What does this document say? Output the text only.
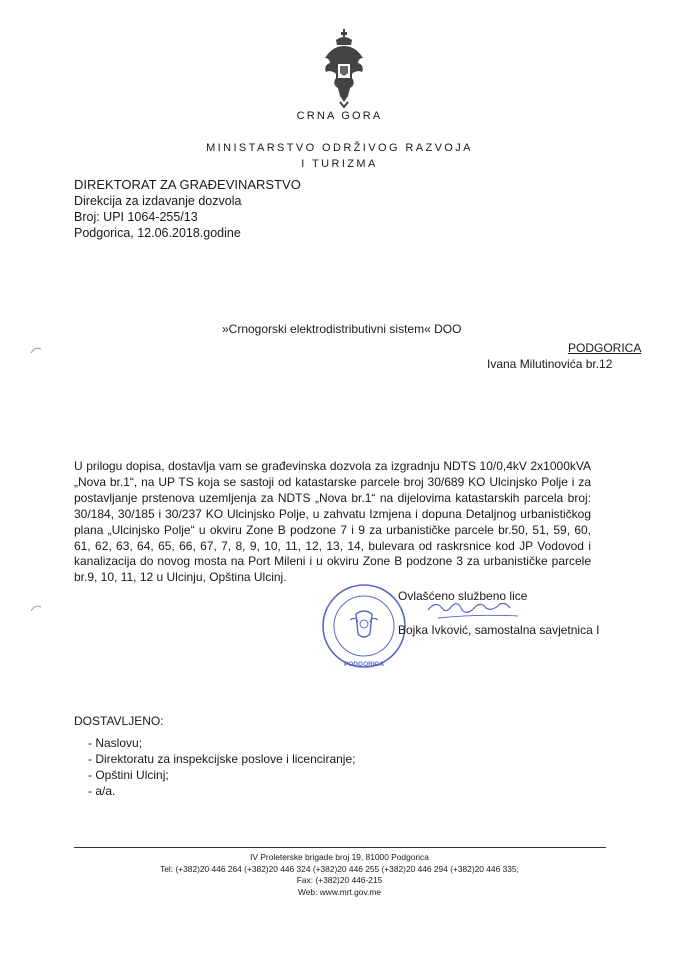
CRNA GORA
MINISTARSTVO ODRŽIVOG RAZVOJA
I TURIZMA
DIREKTORAT ZA GRAĐEVINARSTVO
Direkcija za izdavanje dozvola
Broj: UPI 1064-255/13
Podgorica, 12.06.2018.godine
»Crnogorski elektrodistributivni sistem« DOO
PODGORICA
Ivana Milutinovića br.12
U prilogu dopisa, dostavlja vam se građevinska dozvola za izgradnju NDTS 10/0,4kV 2x1000kVA „Nova br.1“, na UP TS koja se sastoji od katastarske parcele broj 30/689 KO Ulcinjsko Polje i za postavljanje prstenova uzemljenja za NDTS „Nova br.1“ na dijelovima katastarskih parcela broj: 30/184, 30/185 i 30/237 KO Ulcinjsko Polje, u zahvatu Izmjena i dopuna Detaljnog urbanističkog plana „Ulcinjsko Polje“ u okviru Zone B podzone 7 i 9 za urbanističke parcele br.50, 51, 59, 60, 61, 62, 63, 64, 65, 66, 67, 7, 8, 9, 10, 11, 12, 13, 14, bulevara od raskrsnice kod JP Vodovod i kanalizacija do novog mosta na Port Mileni i u okviru Zone B podzone 3 za urbanističke parcele br.9, 10, 11, 12 u Ulcinju, Opština Ulcinj.
PODGORICA
Ovlašćeno službeno lice
Bojka Ivković, samostalna savjetnica I
DOSTAVLJENO:
- Naslovu;
- Direktoratu za inspekcijske poslove i licenciranje;
- Opštini Ulcinj;
- a/a.
IV Proleterske brigade broj 19, 81000 Podgorica
Tel: (+382)20 446 264 (+382)20 446 324 (+382)20 446 255 (+382)20 446 294 (+382)20 446 335;
Fax: (+382)20 446-215
Web: www.mrt.gov.me
